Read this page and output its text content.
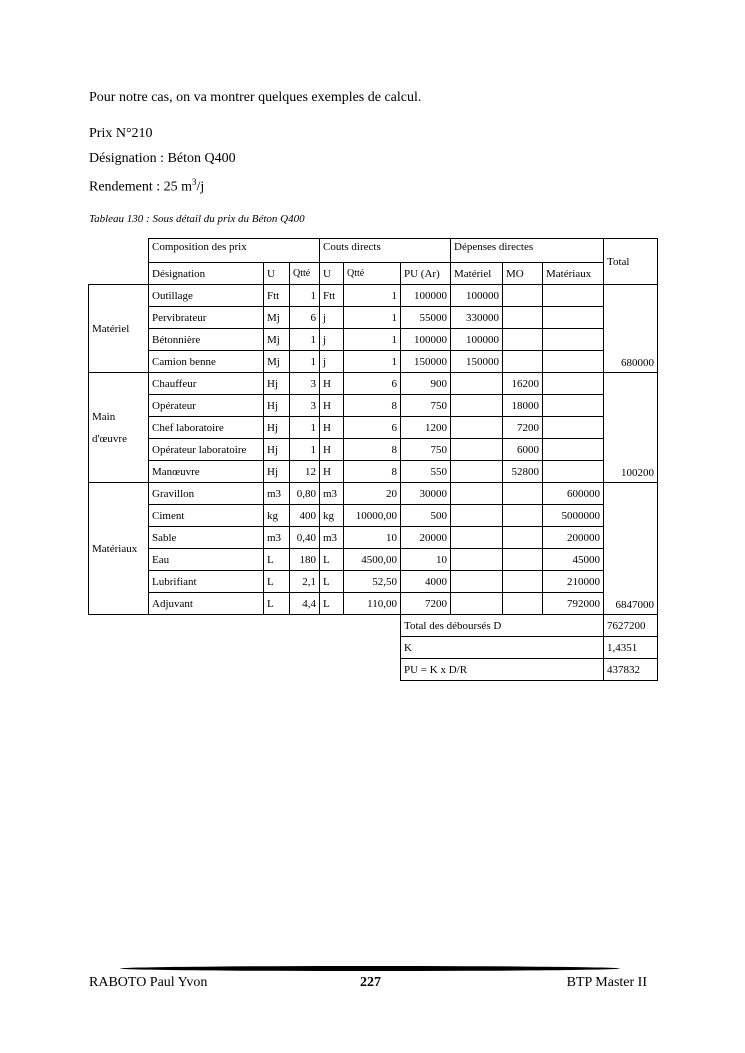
Pour notre cas, on va montrer quelques exemples de calcul.
Prix N°210
Désignation : Béton Q400
Rendement : 25 $m^3/j$
Tableau 130 : Sous détail du prix du Béton Q400
	Composition des prix			Couts directs			Dépenses directes			Total
	Désignation	U	Qtté	U	Qtté	PU (Ar)	Matériel	MO	Matériaux	
Matériel	Outillage	Ftt	1	Ftt	1	100000	100000			680000
	Pervibrateur	Mj	6	j	1	55000	330000			
	Bétonnière	Mj	1	j	1	100000	100000			
	Camion benne	Mj	1	j	1	150000	150000			
Main
d'œuvre	Chauffeur	Hj	3	H	6	900		16200		100200
	Opérateur	Hj	3	H	8	750		18000		
	Chef laboratoire	Hj	1	H	6	1200		7200		
	Opérateur laboratoire	Hj	1	H	8	750		6000		
	Manœuvre	Hj	12	H	8	550		52800		
Matériaux	Gravillon	m3	0,80	m3	20	30000			600000	6847000
	Ciment	kg	400	kg	10000,00	500			5000000	
	Sable	m3	0,40	m3	10	20000			200000	
	Eau	L	180	L	4500,00	10			45000	
	Lubrifiant	L	2,1	L	52,50	4000			210000	
	Adjuvant	L	4,4	L	110,00	7200			792000	
						Total des déboursés D				7627200
						K				1,4351
						PU = K x D/R				437832
RABOTO Paul Yvon	227	BTP Master II
